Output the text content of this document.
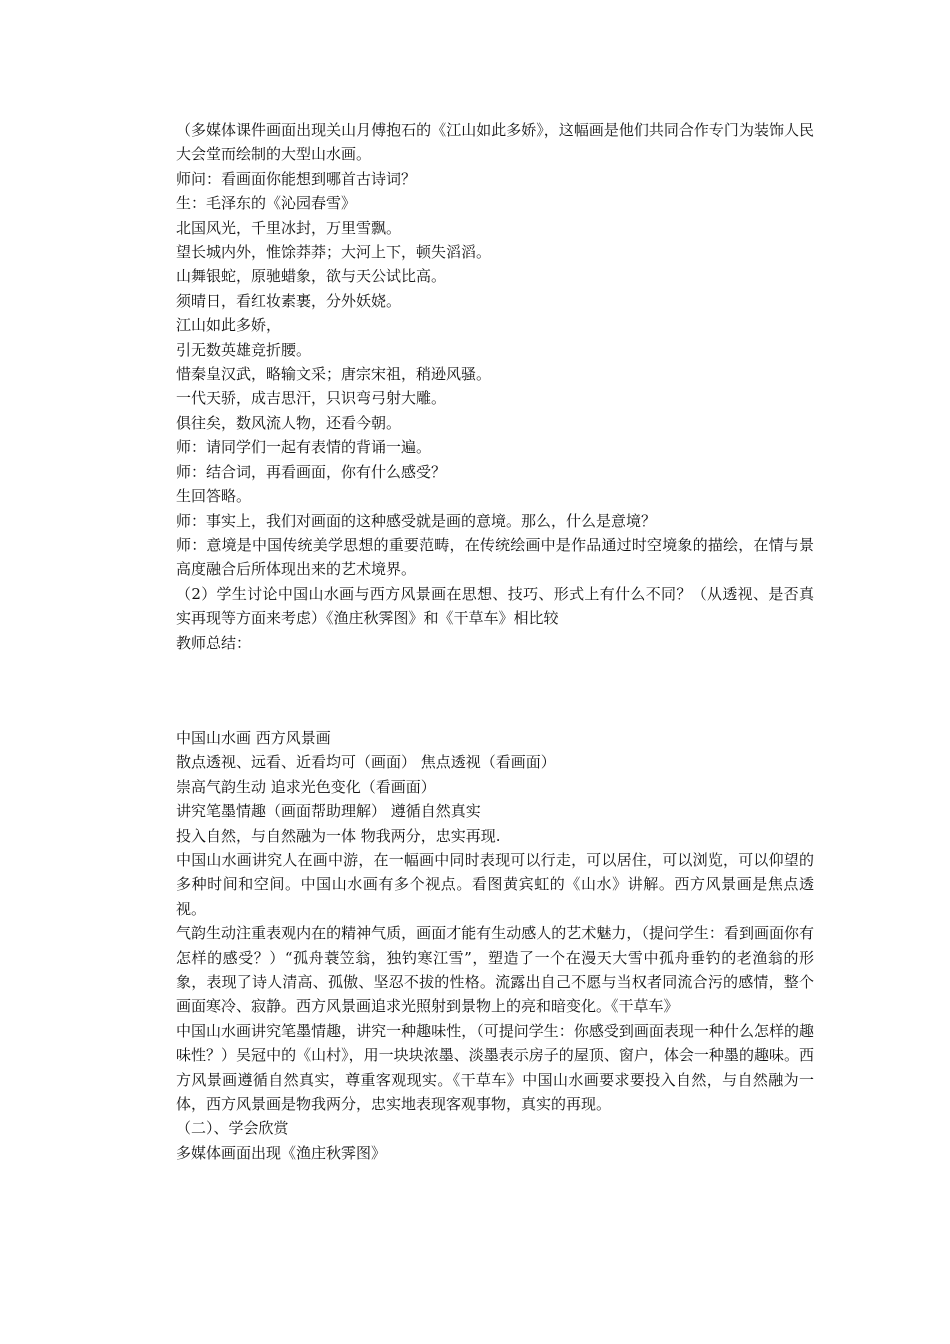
（多媒体课件画面出现关山月傅抱石的《江山如此多娇》，这幅画是他们共同合作专门为装饰人民大会堂而绘制的大型山水画。

师问：看画面你能想到哪首古诗词？

生：毛泽东的《沁园春雪》

北国风光，千里冰封，万里雪飘。

望长城内外，惟馀莽莽；大河上下，顿失滔滔。

山舞银蛇，原驰蜡象，欲与天公试比高。

须晴日，看红妆素裹，分外妖娆。

江山如此多娇，

引无数英雄竞折腰。

惜秦皇汉武，略输文采；唐宗宋祖，稍逊风骚。

一代天骄，成吉思汗，只识弯弓射大雕。

俱往矣，数风流人物，还看今朝。

师：请同学们一起有表情的背诵一遍。

师：结合词，再看画面，你有什么感受？

生回答略。

师：事实上，我们对画面的这种感受就是画的意境。那么，什么是意境？

师：意境是中国传统美学思想的重要范畴，在传统绘画中是作品通过时空境象的描绘，在情与景高度融合后所体现出来的艺术境界。

（2）学生讨论中国山水画与西方风景画在思想、技巧、形式上有什么不同？（从透视、是否真实再现等方面来考虑）《渔庄秋霁图》和《干草车》相比较

教师总结：

中国山水画 西方风景画

散点透视、远看、近看均可（画面） 焦点透视（看画面）

崇高气韵生动 追求光色变化（看画面）

讲究笔墨情趣（画面帮助理解） 遵循自然真实

投入自然，与自然融为一体 物我两分，忠实再现.

中国山水画讲究人在画中游，在一幅画中同时表现可以行走，可以居住，可以浏览，可以仰望的多种时间和空间。中国山水画有多个视点。看图黄宾虹的《山水》讲解。西方风景画是焦点透视。

气韵生动注重表观内在的精神气质，画面才能有生动感人的艺术魅力，（提问学生：看到画面你有怎样的感受？）“孤舟蓑笠翁，独钓寒江雪”，塑造了一个在漫天大雪中孤舟垂钓的老渔翁的形象，表现了诗人清高、孤傲、坚忍不拔的性格。流露出自己不愿与当权者同流合污的感情，整个画面寒冷、寂静。西方风景画追求光照射到景物上的亮和暗变化。《干草车》

中国山水画讲究笔墨情趣，讲究一种趣味性，（可提问学生：你感受到画面表现一种什么怎样的趣味性？）吴冠中的《山村》，用一块块浓墨、淡墨表示房子的屋顶、窗户，体会一种墨的趣味。西方风景画遵循自然真实，尊重客观现实。《干草车》中国山水画要求要投入自然，与自然融为一体，西方风景画是物我两分，忠实地表现客观事物，真实的再现。

（二）、学会欣赏

多媒体画面出现《渔庄秋霁图》
